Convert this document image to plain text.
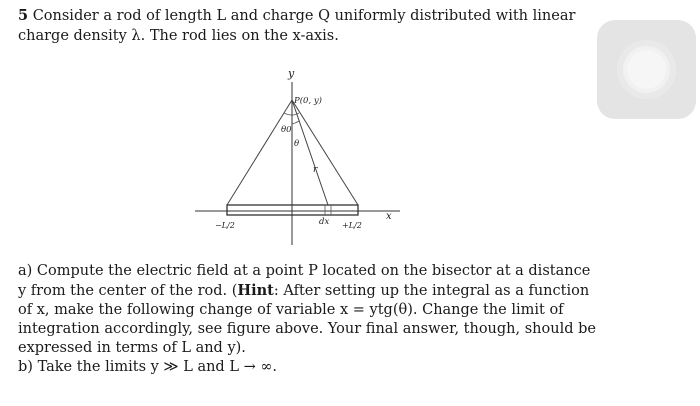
5 Consider a rod of length L and charge Q uniformly distributed with linear charge density λ. The rod lies on the x-axis.

y
P(0, y)
θ0
θ
r
dx
−L/2	+L/2
x

a) Compute the electric field at a point P located on the bisector at a distance y from the center of the rod. (Hint: After setting up the integral as a function of x, make the following change of variable x = ytg(θ). Change the limit of integration accordingly, see figure above. Your final answer, though, should be expressed in terms of L and y).

b) Take the limits y ≫ L and L → ∞.
